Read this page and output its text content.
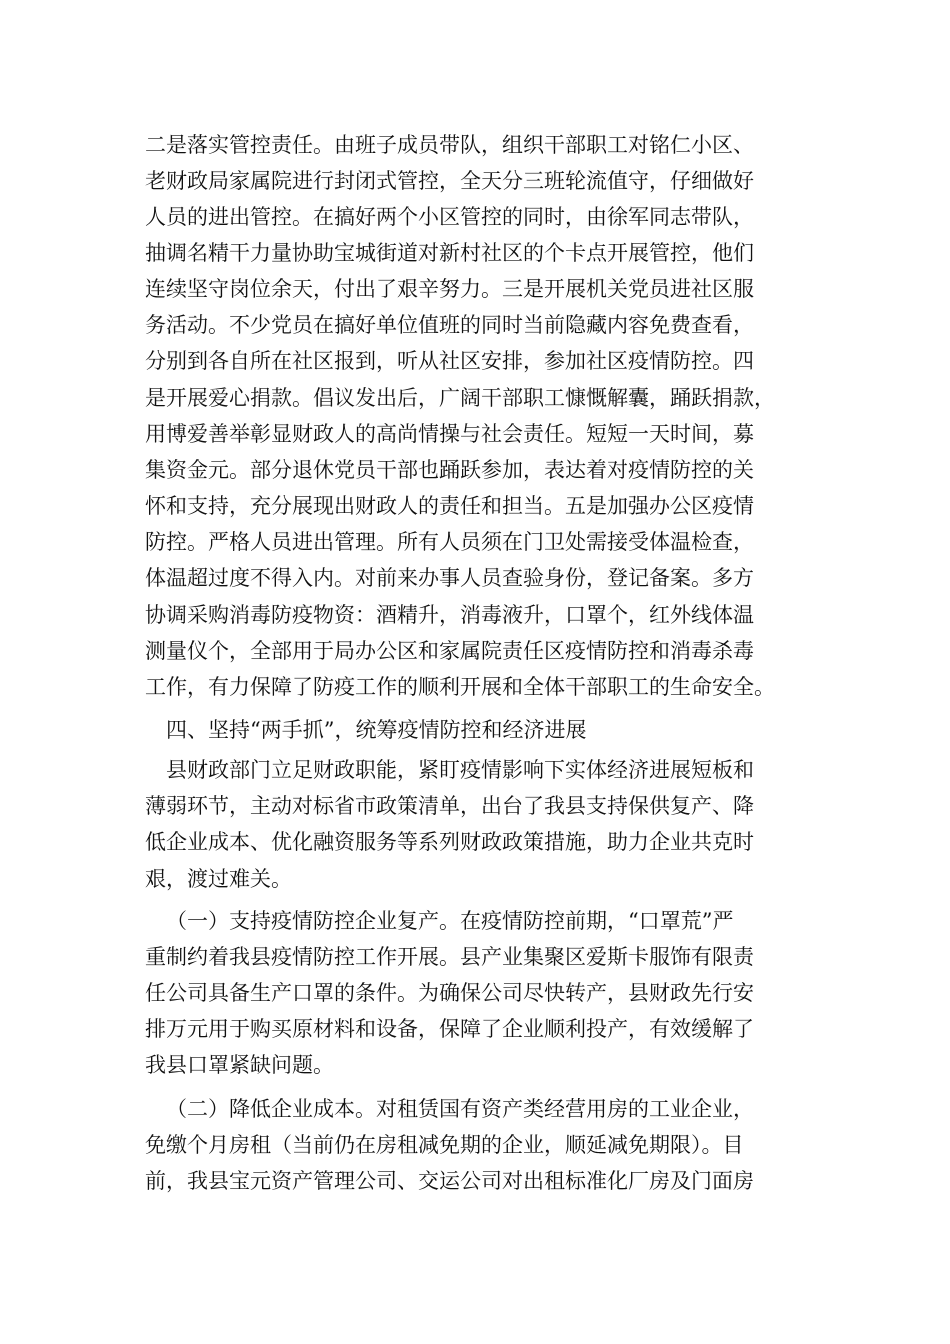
二是落实管控责任。由班子成员带队，组织干部职工对铭仁小区、
老财政局家属院进行封闭式管控，全天分三班轮流值守，仔细做好
人员的进出管控。在搞好两个小区管控的同时，由徐军同志带队，
抽调名精干力量协助宝城街道对新村社区的个卡点开展管控，他们
连续坚守岗位余天，付出了艰辛努力。三是开展机关党员进社区服
务活动。不少党员在搞好单位值班的同时当前隐藏内容免费查看，
分别到各自所在社区报到，听从社区安排，参加社区疫情防控。四
是开展爱心捐款。倡议发出后，广阔干部职工慷慨解囊，踊跃捐款，
用博爱善举彰显财政人的高尚情操与社会责任。短短一天时间，募
集资金元。部分退休党员干部也踊跃参加，表达着对疫情防控的关
怀和支持，充分展现出财政人的责任和担当。五是加强办公区疫情
防控。严格人员进出管理。所有人员须在门卫处需接受体温检查，
体温超过度不得入内。对前来办事人员查验身份，登记备案。多方
协调采购消毒防疫物资：酒精升，消毒液升，口罩个，红外线体温
测量仪个，全部用于局办公区和家属院责任区疫情防控和消毒杀毒
工作，有力保障了防疫工作的顺利开展和全体干部职工的生命安全。
四、坚持“两手抓”，统筹疫情防控和经济进展
县财政部门立足财政职能，紧盯疫情影响下实体经济进展短板和
薄弱环节，主动对标省市政策清单，出台了我县支持保供复产、降
低企业成本、优化融资服务等系列财政政策措施，助力企业共克时
艰，渡过难关。
（一）支持疫情防控企业复产。在疫情防控前期，“口罩荒”严
重制约着我县疫情防控工作开展。县产业集聚区爱斯卡服饰有限责
任公司具备生产口罩的条件。为确保公司尽快转产，县财政先行安
排万元用于购买原材料和设备，保障了企业顺利投产，有效缓解了
我县口罩紧缺问题。
（二）降低企业成本。对租赁国有资产类经营用房的工业企业，
免缴个月房租（当前仍在房租减免期的企业，顺延减免期限）。目
前，我县宝元资产管理公司、交运公司对出租标准化厂房及门面房
